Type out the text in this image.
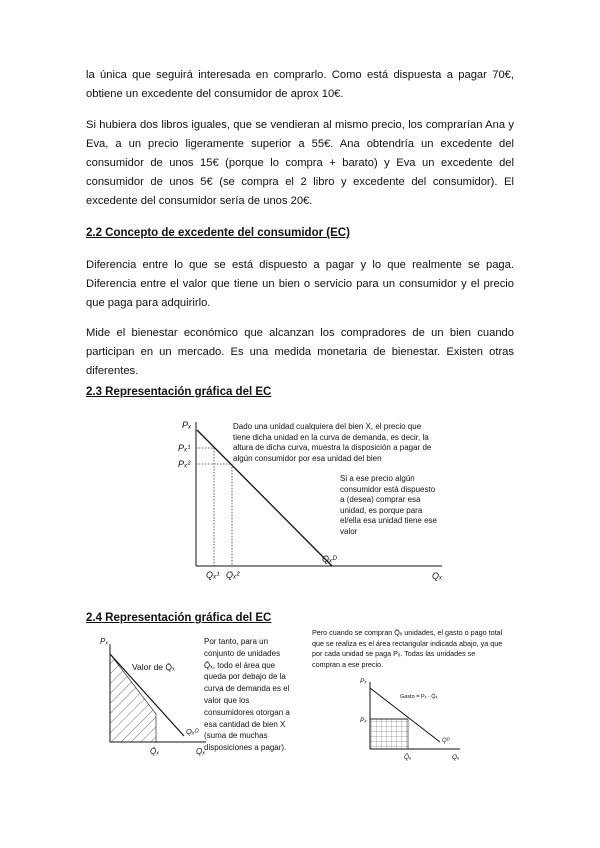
la única que seguirá interesada en comprarlo. Como está dispuesta a pagar 70€, obtiene un excedente del consumidor de aprox 10€.

Si hubiera dos libros iguales, que se vendieran al mismo precio, los comprarían Ana y Eva, a un precio ligeramente superior a 55€. Ana obtendría un excedente del consumidor de unos 15€ (porque lo compra + barato) y Eva un excedente del consumidor de unos 5€ (se compra el 2 libro y excedente del consumidor). El excedente del consumidor sería de unos 20€.

2.2 Concepto de excedente del consumidor (EC)

Diferencia entre lo que se está dispuesto a pagar y lo que realmente se paga. Diferencia entre el valor que tiene un bien o servicio para un consumidor y el precio que paga para adquirirlo.

Mide el bienestar económico que alcanzan los compradores de un bien cuando participan en un mercado. Es una medida monetaria de bienestar. Existen otras diferentes.

2.3 Representación gráfica del EC

Pₓ
Pₓ¹
Pₓ²
Qₓ¹ Qₓ²
Qₓᴰ
Qₓ

Dado una unidad cualquiera del bien X, el precio que tiene dicha unidad en la curva de demanda, es decir, la altura de dicha curva, muestra la disposición a pagar de algún consumidor por esa unidad del bien

Si a ese precio algún consumidor está dispuesto a (desea) comprar esa unidad, es porque para el/ella esa unidad tiene ese valor

2.4 Representación gráfica del EC

Pₓ
Valor de Q̄ₓ
Qₓᴰ
Q̄ₓ	Qₓ

Por tanto, para un conjunto de unidades Q̄ₓ, todo el área que queda por debajo de la curva de demanda es el valor que los consumidores otorgan a esa cantidad de bien X (suma de muchas disposiciones a pagar).

Pero cuando se compran Q̄ₓ unidades, el gasto o pago total que se realiza es el área rectangular indicada abajo, ya que por cada unidad se paga Pₓ. Todas las unidades se compran a ese precio.

Pₓ
Pₓ
Gasto = Pₓ · Q̄ₓ
Qᴰ
Q̄ₓ	Qₓ
